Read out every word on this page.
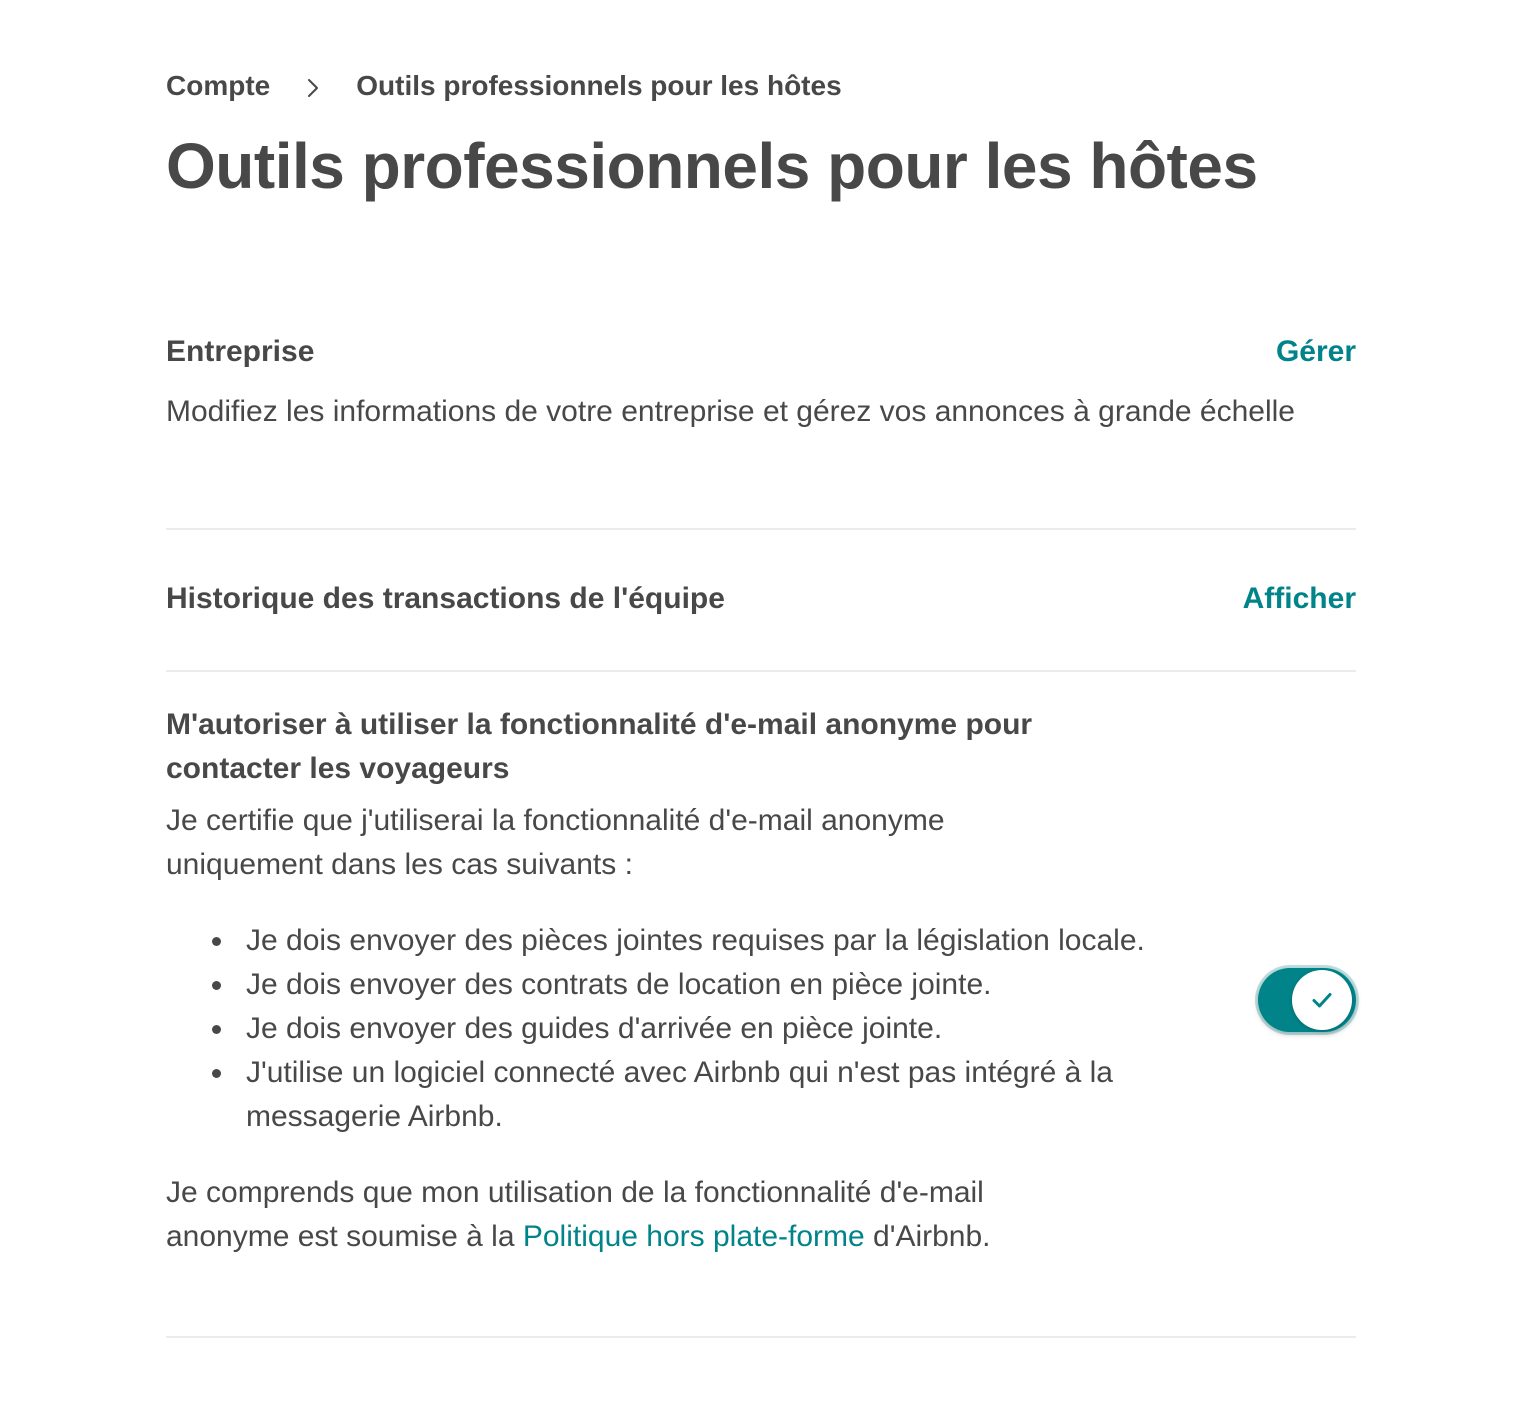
Compte	Outils professionnels pour les hôtes
Outils professionnels pour les hôtes

Entreprise	Gérer

Modifiez les informations de votre entreprise et gérez vos annonces à grande échelle

Historique des transactions de l'équipe	Afficher

M'autoriser à utiliser la fonctionnalité d'e-mail anonyme pour contacter les voyageurs

Je certifie que j'utiliserai la fonctionnalité d'e-mail anonyme uniquement dans les cas suivants :

Je dois envoyer des pièces jointes requises par la législation locale.
Je dois envoyer des contrats de location en pièce jointe.
Je dois envoyer des guides d'arrivée en pièce jointe.
J'utilise un logiciel connecté avec Airbnb qui n'est pas intégré à la messagerie Airbnb.

Je comprends que mon utilisation de la fonctionnalité d'e-mail anonyme est soumise à la Politique hors plate-forme d'Airbnb.
